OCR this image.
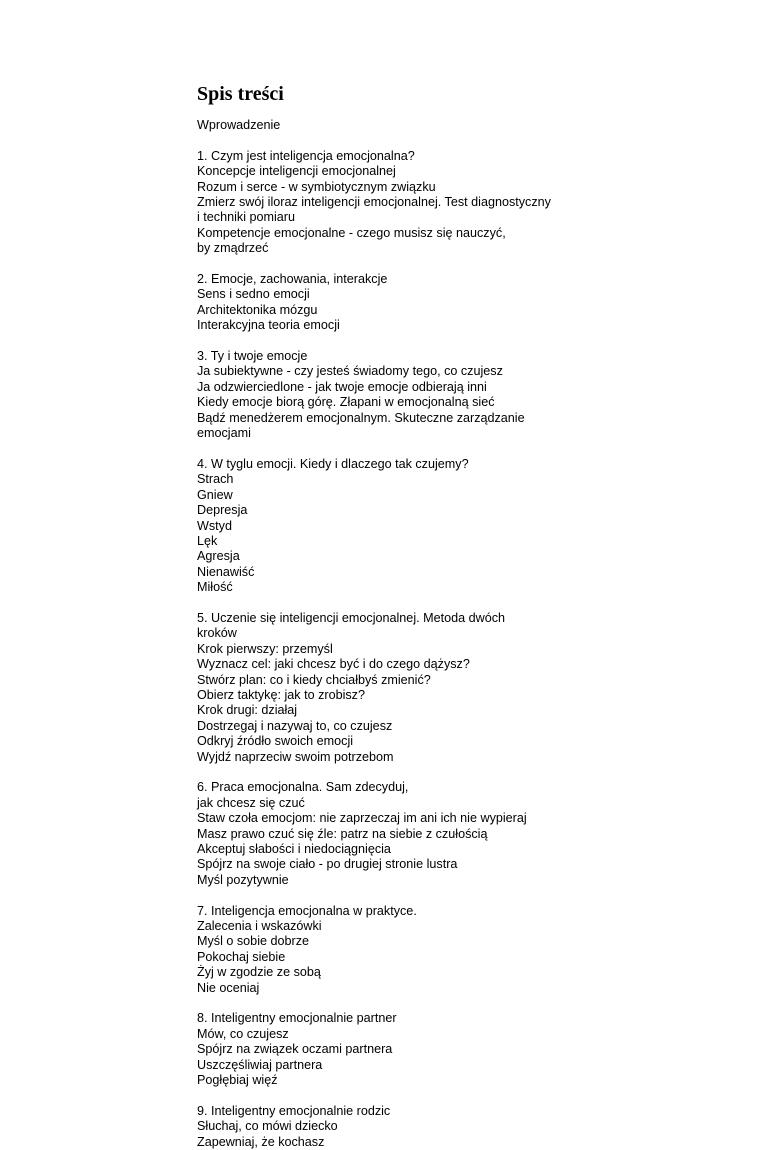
Spis treści

Wprowadzenie

1. Czym jest inteligencja emocjonalna?

Koncepcje inteligencji emocjonalnej

Rozum i serce - w symbiotycznym związku

Zmierz swój iloraz inteligencji emocjonalnej. Test diagnostyczny

i techniki pomiaru

Kompetencje emocjonalne - czego musisz się nauczyć,

by zmądrzeć

2. Emocje, zachowania, interakcje

Sens i sedno emocji

Architektonika mózgu

Interakcyjna teoria emocji

3. Ty i twoje emocje

Ja subiektywne - czy jesteś świadomy tego, co czujesz

Ja odzwierciedlone - jak twoje emocje odbierają inni

Kiedy emocje biorą górę. Złapani w emocjonalną sieć

Bądź menedżerem emocjonalnym. Skuteczne zarządzanie

emocjami

4. W tyglu emocji. Kiedy i dlaczego tak czujemy?

Strach

Gniew

Depresja

Wstyd

Lęk

Agresja

Nienawiść

Miłość

5. Uczenie się inteligencji emocjonalnej. Metoda dwóch

kroków

Krok pierwszy: przemyśl

Wyznacz cel: jaki chcesz być i do czego dążysz?

Stwórz plan: co i kiedy chciałbyś zmienić?

Obierz taktykę: jak to zrobisz?

Krok drugi: działaj

Dostrzegaj i nazywaj to, co czujesz

Odkryj źródło swoich emocji

Wyjdź naprzeciw swoim potrzebom

6. Praca emocjonalna. Sam zdecyduj,

jak chcesz się czuć

Staw czoła emocjom: nie zaprzeczaj im ani ich nie wypieraj

Masz prawo czuć się źle: patrz na siebie z czułością

Akceptuj słabości i niedociągnięcia

Spójrz na swoje ciało - po drugiej stronie lustra

Myśl pozytywnie

7. Inteligencja emocjonalna w praktyce.

Zalecenia i wskazówki

Myśl o sobie dobrze

Pokochaj siebie

Żyj w zgodzie ze sobą

Nie oceniaj

8. Inteligentny emocjonalnie partner

Mów, co czujesz

Spójrz na związek oczami partnera

Uszczęśliwiaj partnera

Pogłębiaj więź

9. Inteligentny emocjonalnie rodzic

Słuchaj, co mówi dziecko

Zapewniaj, że kochasz
